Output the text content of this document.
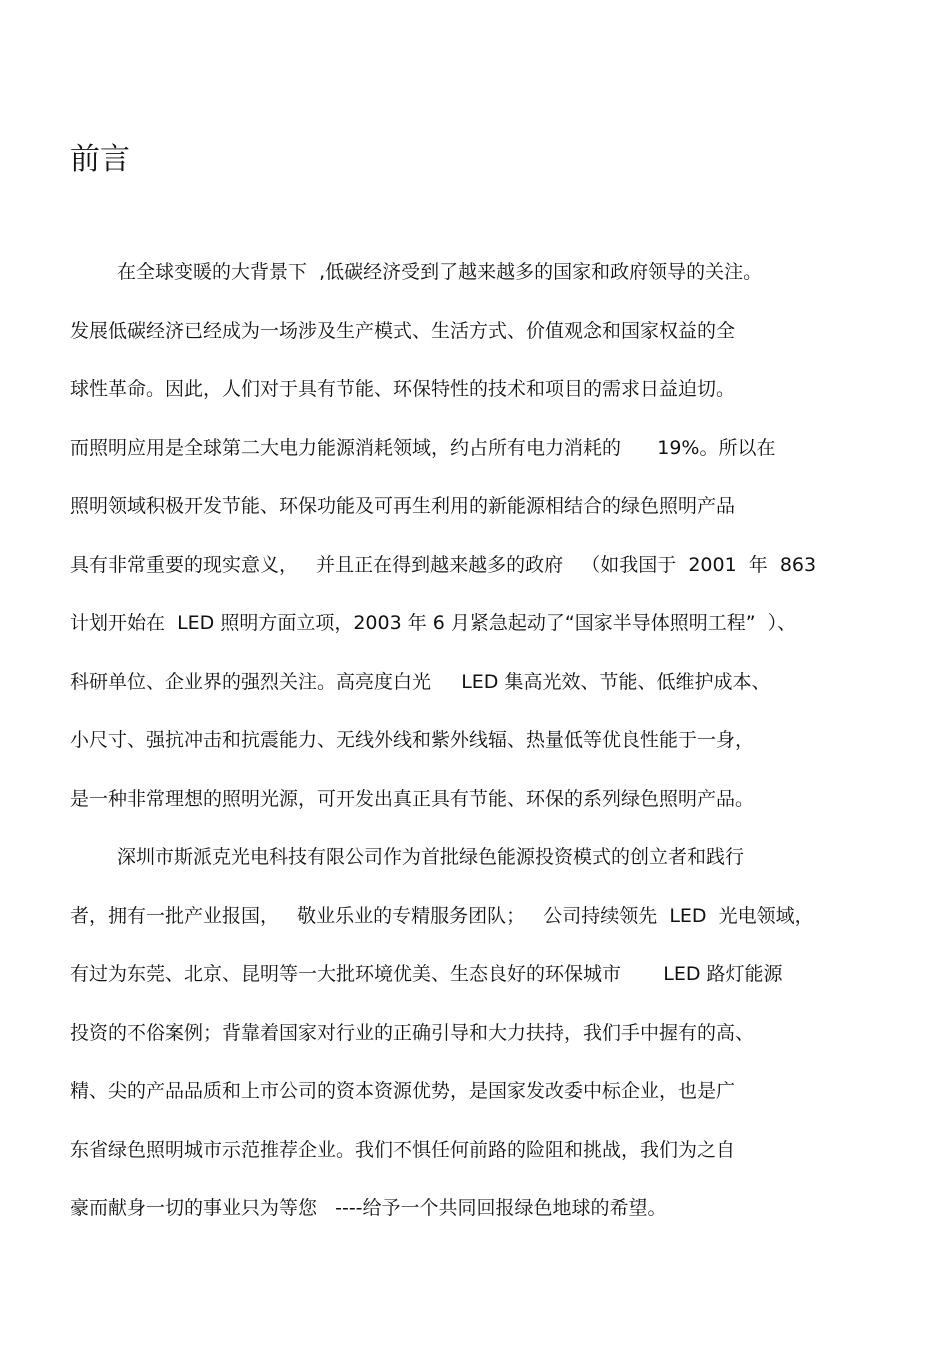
前言
在全球变暖的大背景下  ,低碳经济受到了越来越多的国家和政府领导的关注。
发展低碳经济已经成为一场涉及生产模式、生活方式、价值观念和国家权益的全
球性革命。因此，人们对于具有节能、环保特性的技术和项目的需求日益迫切。
而照明应用是全球第二大电力能源消耗领域，约占所有电力消耗的      19%。所以在
照明领域积极开发节能、环保功能及可再生利用的新能源相结合的绿色照明产品
具有非常重要的现实意义，   并且正在得到越来越多的政府   （如我国于  2001  年  863
计划开始在  LED 照明方面立项，2003 年 6 月紧急起动了“国家半导体照明工程”  ）、
科研单位、企业界的强烈关注。高亮度白光     LED 集高光效、节能、低维护成本、
小尺寸、强抗冲击和抗震能力、无线外线和紫外线辐、热量低等优良性能于一身，
是一种非常理想的照明光源，可开发出真正具有节能、环保的系列绿色照明产品。
深圳市斯派克光电科技有限公司作为首批绿色能源投资模式的创立者和践行
者，拥有一批产业报国，   敬业乐业的专精服务团队；   公司持续领先  LED  光电领域，
有过为东莞、北京、昆明等一大批环境优美、生态良好的环保城市       LED 路灯能源
投资的不俗案例；背靠着国家对行业的正确引导和大力扶持，我们手中握有的高、
精、尖的产品品质和上市公司的资本资源优势，是国家发改委中标企业，也是广
东省绿色照明城市示范推荐企业。我们不惧任何前路的险阻和挑战，我们为之自
豪而献身一切的事业只为等您   ----给予一个共同回报绿色地球的希望。
